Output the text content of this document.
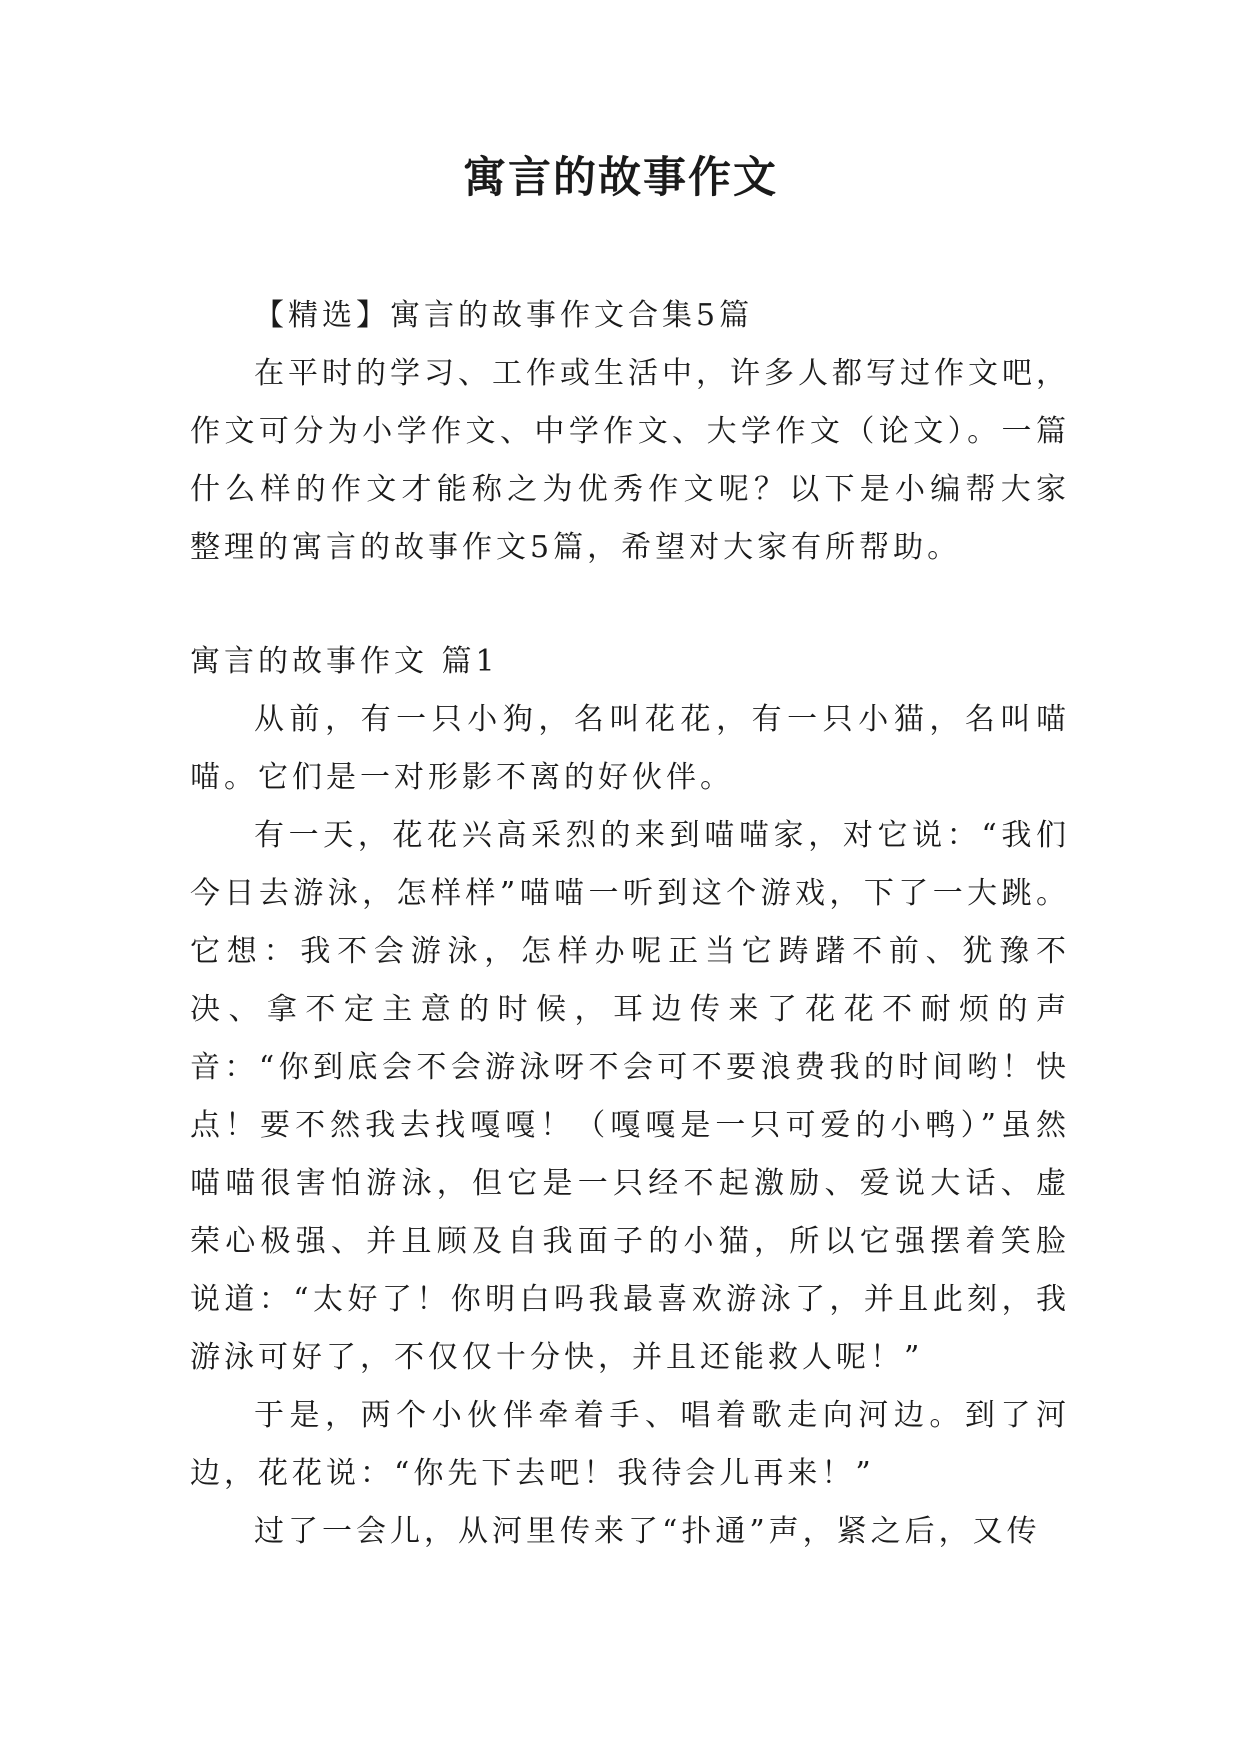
寓言的故事作文

【精选】寓言的故事作文合集5篇

在平时的学习、工作或生活中，许多人都写过作文吧，作文可分为小学作文、中学作文、大学作文（论文）。一篇什么样的作文才能称之为优秀作文呢？以下是小编帮大家整理的寓言的故事作文5篇，希望对大家有所帮助。

寓言的故事作文 篇1

从前，有一只小狗，名叫花花，有一只小猫，名叫喵喵。它们是一对形影不离的好伙伴。

有一天，花花兴高采烈的来到喵喵家，对它说：“我们今日去游泳，怎样样”喵喵一听到这个游戏，下了一大跳。它想：我不会游泳，怎样办呢正当它踌躇不前、犹豫不决、拿不定主意的时候，耳边传来了花花不耐烦的声音：“你到底会不会游泳呀不会可不要浪费我的时间哟！快点！要不然我去找嘎嘎！（嘎嘎是一只可爱的小鸭）”虽然喵喵很害怕游泳，但它是一只经不起激励、爱说大话、虚荣心极强、并且顾及自我面子的小猫，所以它强摆着笑脸说道：“太好了！你明白吗我最喜欢游泳了，并且此刻，我游泳可好了，不仅仅十分快，并且还能救人呢！”

于是，两个小伙伴牵着手、唱着歌走向河边。到了河边，花花说：“你先下去吧！我待会儿再来！”

过了一会儿，从河里传来了“扑通”声，紧之后，又传
